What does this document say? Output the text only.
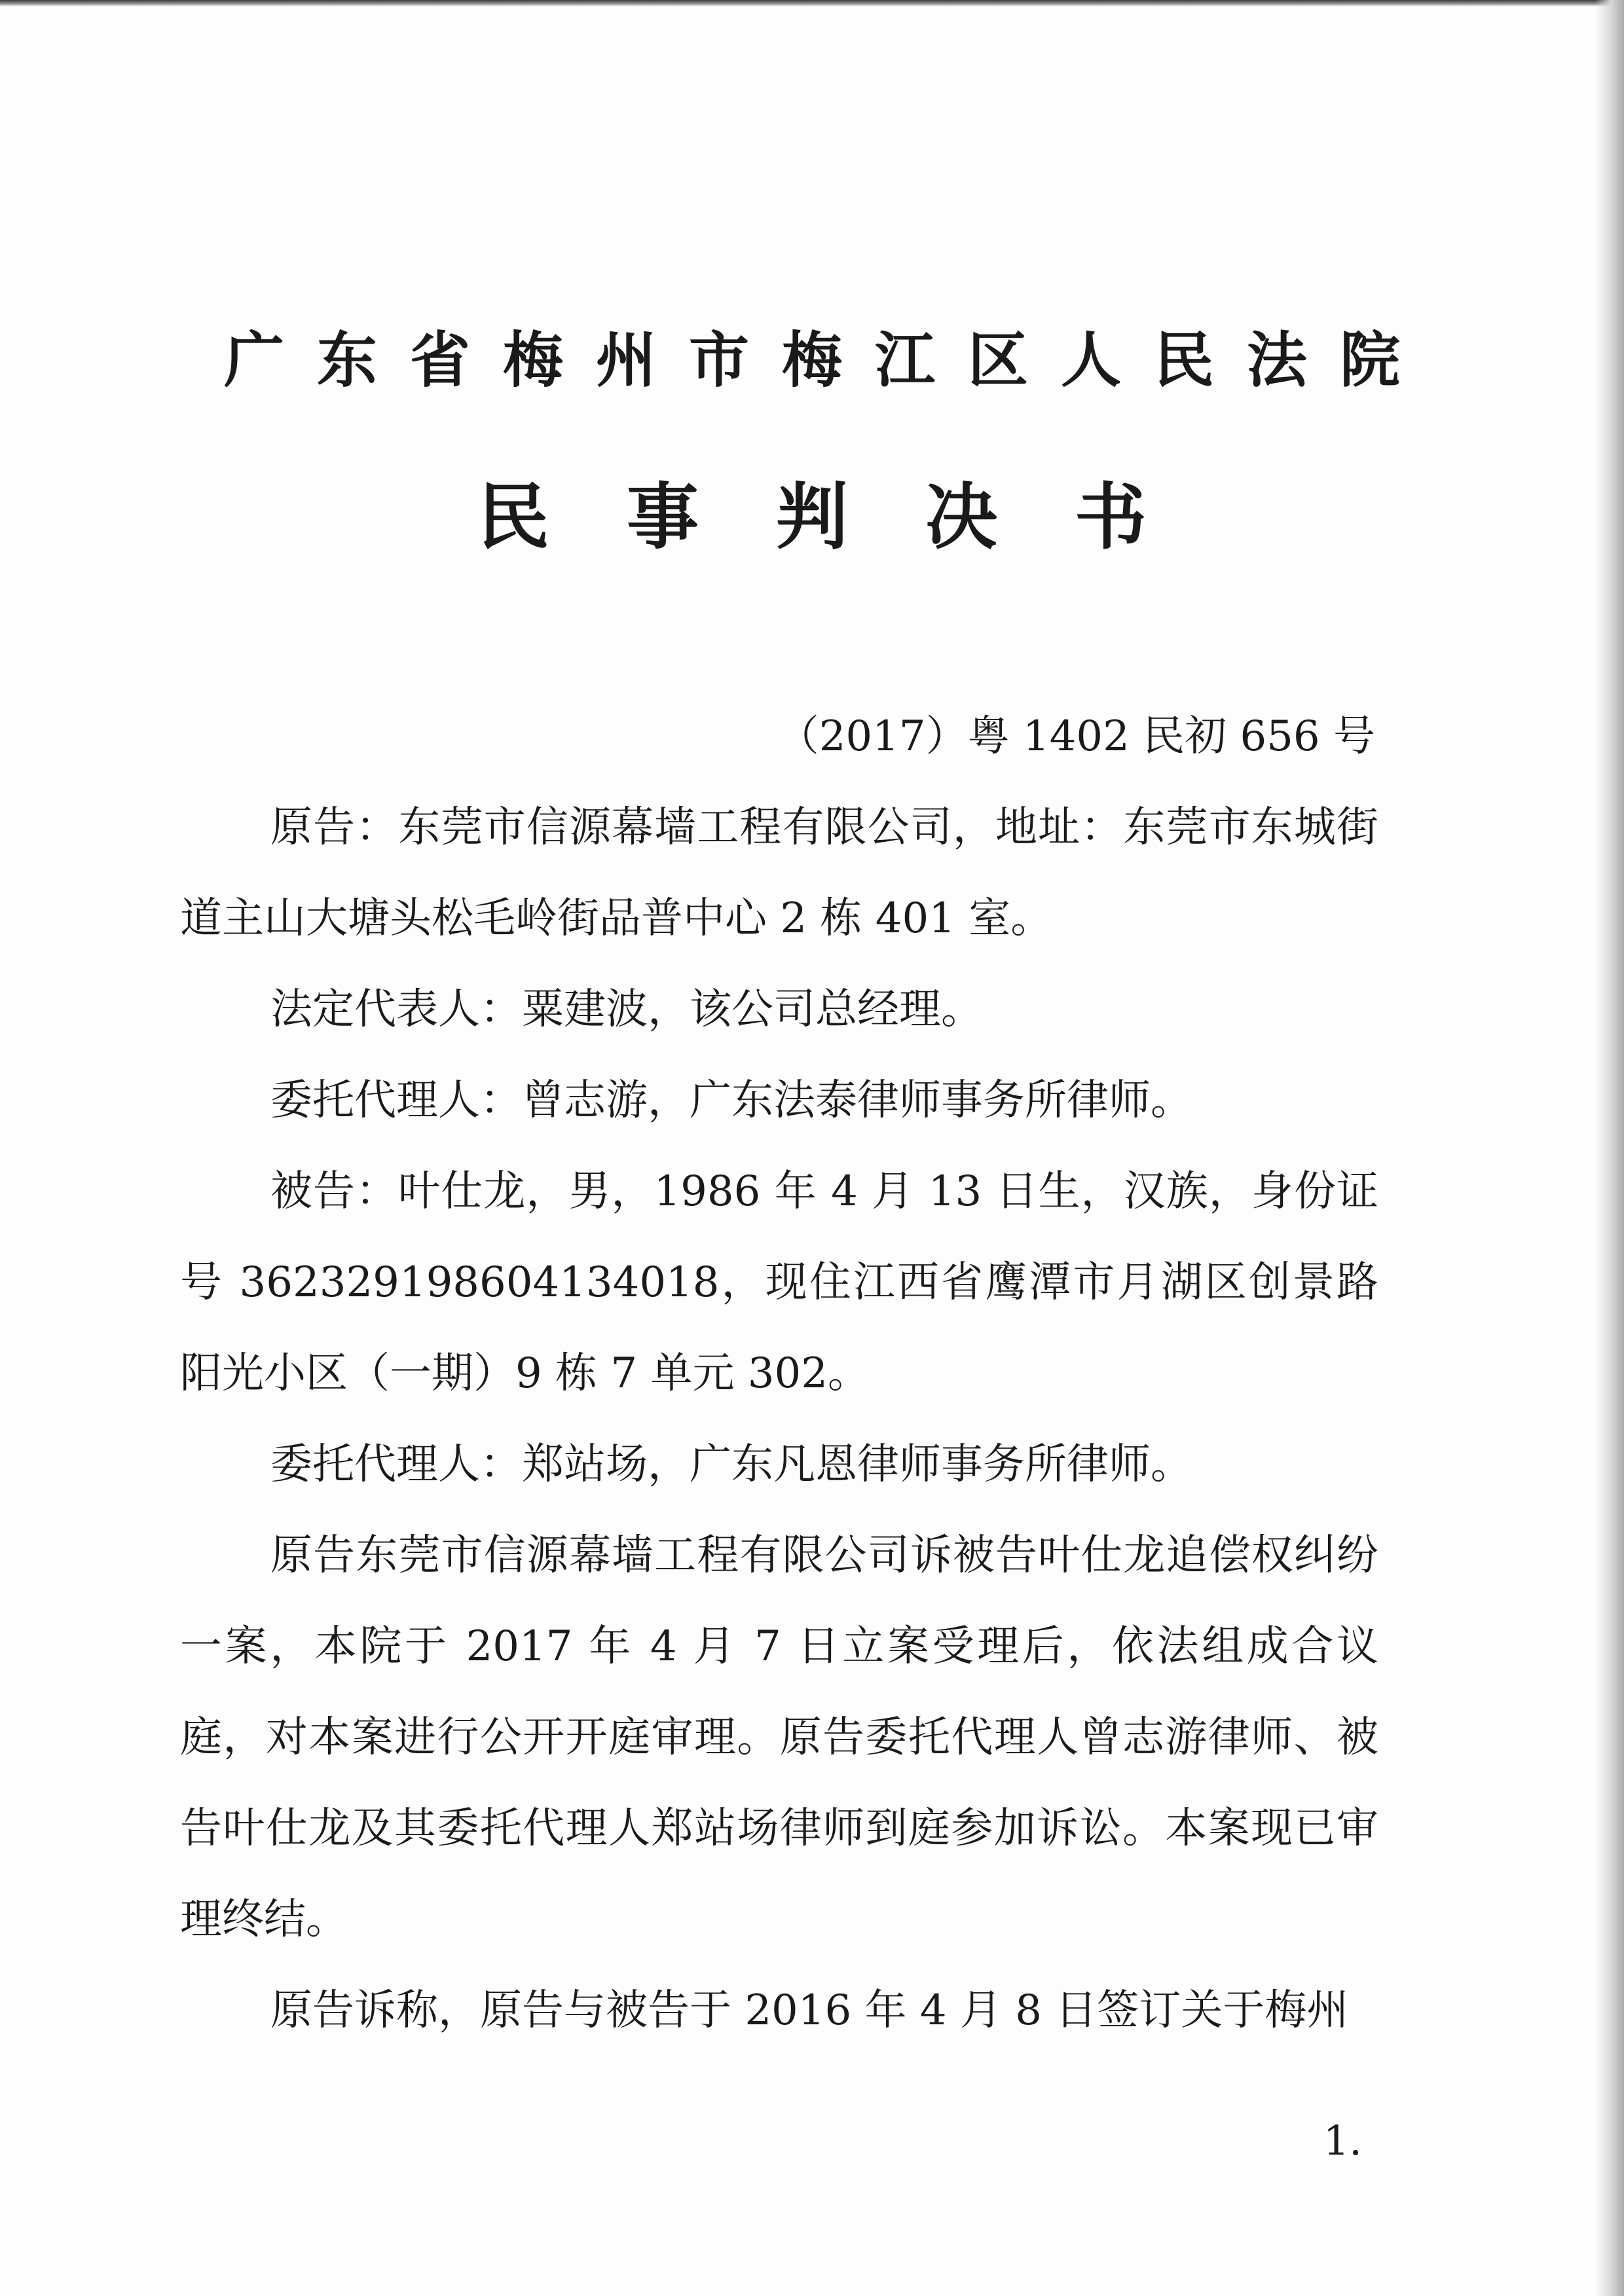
广东省梅州市梅江区人民法院
民事判决书
（2017）粤 1402 民初 656 号

原告：东莞市信源幕墙工程有限公司，地址：东莞市东城街道主山大塘头松毛岭街品普中心 2 栋 401 室。

法定代表人：粟建波，该公司总经理。

委托代理人：曾志游，广东法泰律师事务所律师。

被告：叶仕龙，男，1986 年 4 月 13 日生，汉族，身份证号 362329198604134018，现住江西省鹰潭市月湖区创景路阳光小区（一期）9 栋 7 单元 302。

委托代理人：郑站场，广东凡恩律师事务所律师。

原告东莞市信源幕墙工程有限公司诉被告叶仕龙追偿权纠纷一案，本院于 2017 年 4 月 7 日立案受理后，依法组成合议庭，对本案进行公开开庭审理。原告委托代理人曾志游律师、被告叶仕龙及其委托代理人郑站场律师到庭参加诉讼。本案现已审理终结。

原告诉称，原告与被告于 2016 年 4 月 8 日签订关于梅州

1.
